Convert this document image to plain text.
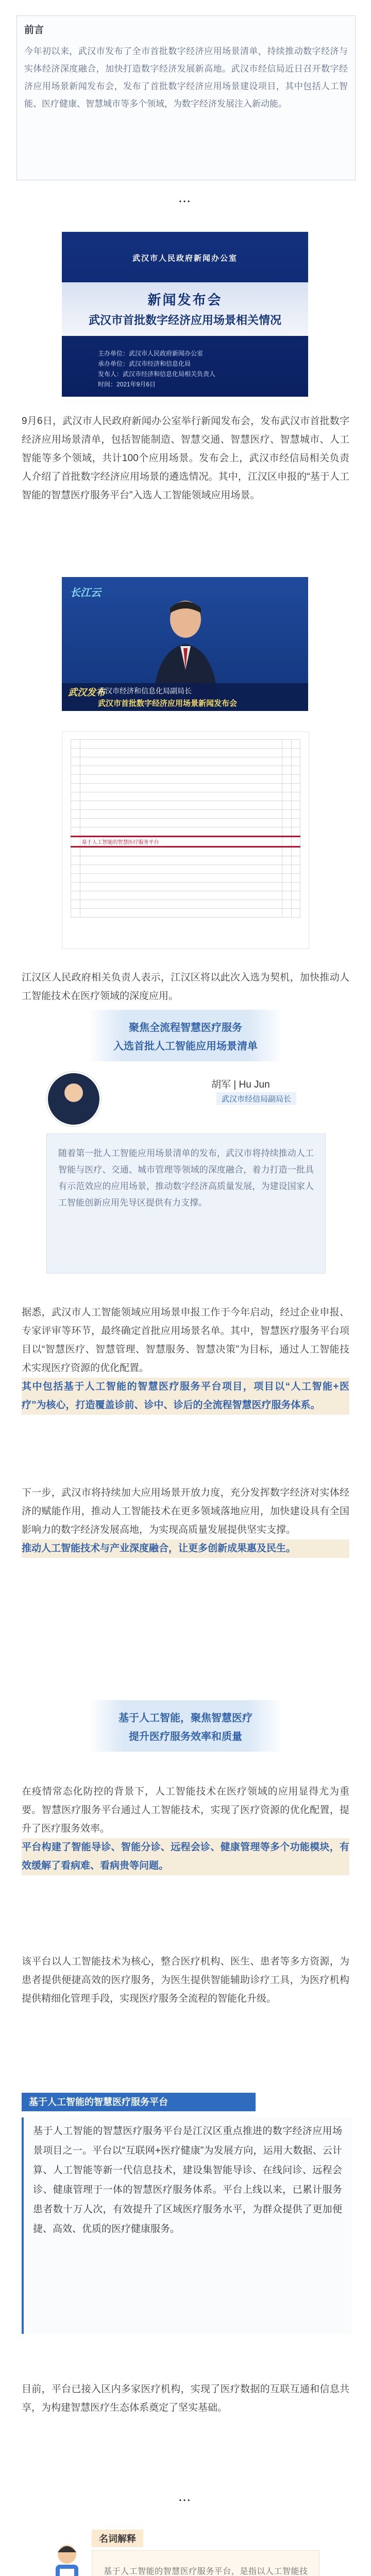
前言
今年初以来，武汉市发布了全市首批数字经济应用场景清单，持续推动数字经济与实体经济深度融合，加快打造数字经济发展新高地。武汉市经信局近日召开数字经济应用场景新闻发布会，发布了首批数字经济应用场景建设项目，其中包括人工智能、医疗健康、智慧城市等多个领域，为数字经济发展注入新动能。
•••
武汉市人民政府新闻办公室
新闻发布会
武汉市首批数字经济应用场景相关情况
主办单位：武汉市人民政府新闻办公室
承办单位：武汉市经济和信息化局
发布人：武汉市经济和信息化局相关负责人
时间：2021年9月6日

9月6日，武汉市人民政府新闻办公室举行新闻发布会，发布武汉市首批数字经济应用场景清单，包括智能制造、智慧交通、智慧医疗、智慧城市、人工智能等多个领域，共计100个应用场景。发布会上，武汉市经信局相关负责人介绍了首批数字经济应用场景的遴选情况。其中，江汉区申报的“基于人工智能的智慧医疗服务平台”入选人工智能领域应用场景。

长江云
武汉发布
武汉市经济和信息化局副局长
武汉市首批数字经济应用场景新闻发布会

	基于人工智能的智慧医疗服务平台		

江汉区人民政府相关负责人表示，江汉区将以此次入选为契机，加快推动人工智能技术在医疗领域的深度应用。

聚焦全流程智慧医疗服务
入选首批人工智能应用场景清单
胡军 | Hu Jun
武汉市经信局副局长

随着第一批人工智能应用场景清单的发布，武汉市将持续推动人工智能与医疗、交通、城市管理等领域的深度融合，着力打造一批具有示范效应的应用场景，推动数字经济高质量发展，为建设国家人工智能创新应用先导区提供有力支撑。

据悉，武汉市人工智能领域应用场景申报工作于今年启动，经过企业申报、专家评审等环节，最终确定首批应用场景名单。其中，智慧医疗服务平台项目以“智慧医疗、智慧管理、智慧服务、智慧决策”为目标，通过人工智能技术实现医疗资源的优化配置。

其中包括基于人工智能的智慧医疗服务平台项目，项目以“人工智能+医疗”为核心，打造覆盖诊前、诊中、诊后的全流程智慧医疗服务体系。

下一步，武汉市将持续加大应用场景开放力度，充分发挥数字经济对实体经济的赋能作用，推动人工智能技术在更多领域落地应用，加快建设具有全国影响力的数字经济发展高地，为实现高质量发展提供坚实支撑。

推动人工智能技术与产业深度融合，让更多创新成果惠及民生。

基于人工智能，聚焦智慧医疗
提升医疗服务效率和质量

在疫情常态化防控的背景下，人工智能技术在医疗领域的应用显得尤为重要。智慧医疗服务平台通过人工智能技术，实现了医疗资源的优化配置，提升了医疗服务效率。

平台构建了智能导诊、智能分诊、远程会诊、健康管理等多个功能模块，有效缓解了看病难、看病贵等问题。

该平台以人工智能技术为核心，整合医疗机构、医生、患者等多方资源，为患者提供便捷高效的医疗服务，为医生提供智能辅助诊疗工具，为医疗机构提供精细化管理手段，实现医疗服务全流程的智能化升级。

基于人工智能的智慧医疗服务平台

基于人工智能的智慧医疗服务平台是江汉区重点推进的数字经济应用场景项目之一。平台以“互联网+医疗健康”为发展方向，运用大数据、云计算、人工智能等新一代信息技术，建设集智能导诊、在线问诊、远程会诊、健康管理于一体的智慧医疗服务体系。平台上线以来，已累计服务患者数十万人次，有效提升了区域医疗服务水平，为群众提供了更加便捷、高效、优质的医疗健康服务。

目前，平台已接入区内多家医疗机构，实现了医疗数据的互联互通和信息共享，为构建智慧医疗生态体系奠定了坚实基础。

•••
名词解释

基于人工智能的智慧医疗服务平台，是指以人工智能技
